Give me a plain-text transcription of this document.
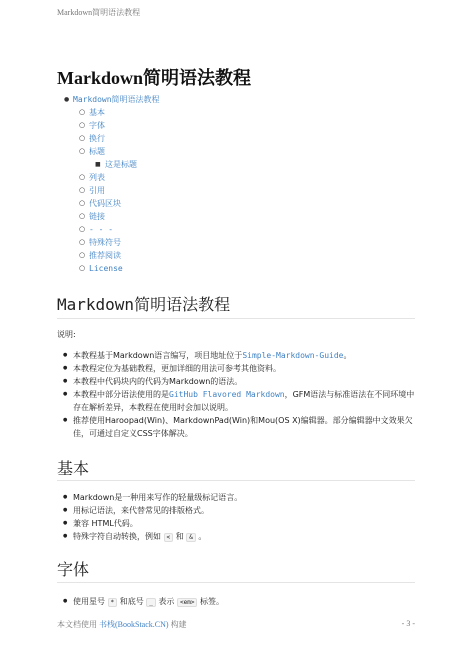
Markdown简明语法教程
Markdown简明语法教程
● Markdown简明语法教程
○ 基本
○ 字体
○ 换行
○ 标题
■ 这是标题
○ 列表
○ 引用
○ 代码区块
○ 链接
○ - - -
○ 特殊符号
○ 推荐阅读
○ License
Markdown简明语法教程
说明:
● 本教程基于Markdown语言编写，项目地址位于Simple-Markdown-Guide。
● 本教程定位为基础教程，更加详细的用法可参考其他资料。
● 本教程中代码块内的代码为Markdown的语法。
● 本教程中部分语法使用的是GitHub Flavored Markdown，GFM语法与标准语法在不同环境中存在解析差异，本教程在使用时会加以说明。
● 推荐使用Haroopad(Win)、MarkdownPad(Win)和Mou(OS X)编辑器。部分编辑器中文效果欠佳，可通过自定义CSS字体解决。
基本
● Markdown是一种用来写作的轻量级标记语言。
● 用标记语法，来代替常见的排版格式。
● 兼容 HTML代码。
● 特殊字符自动转换，例如 < 和 & 。
字体
● 使用星号 * 和底号 _ 表示 <em> 标签。
本文档使用 书栈(BookStack.CN) 构建	- 3 -
